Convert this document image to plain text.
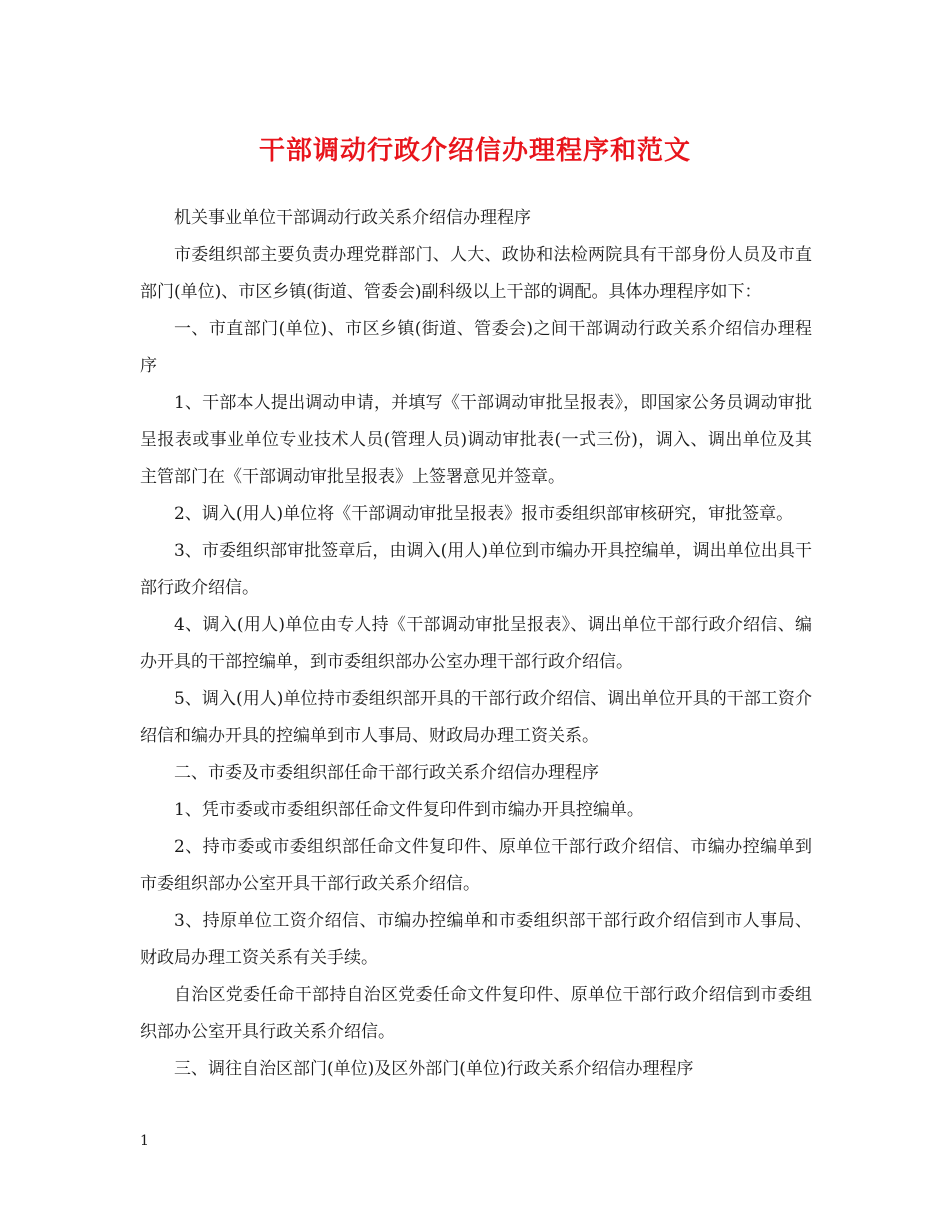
干部调动行政介绍信办理程序和范文

机关事业单位干部调动行政关系介绍信办理程序

市委组织部主要负责办理党群部门、人大、政协和法检两院具有干部身份人员及市直部门(单位)、市区乡镇(街道、管委会)副科级以上干部的调配。具体办理程序如下：

一、市直部门(单位)、市区乡镇(街道、管委会)之间干部调动行政关系介绍信办理程序

1、干部本人提出调动申请，并填写《干部调动审批呈报表》，即国家公务员调动审批呈报表或事业单位专业技术人员(管理人员)调动审批表(一式三份)，调入、调出单位及其主管部门在《干部调动审批呈报表》上签署意见并签章。

2、调入(用人)单位将《干部调动审批呈报表》报市委组织部审核研究，审批签章。

3、市委组织部审批签章后，由调入(用人)单位到市编办开具控编单，调出单位出具干部行政介绍信。

4、调入(用人)单位由专人持《干部调动审批呈报表》、调出单位干部行政介绍信、编办开具的干部控编单，到市委组织部办公室办理干部行政介绍信。

5、调入(用人)单位持市委组织部开具的干部行政介绍信、调出单位开具的干部工资介绍信和编办开具的控编单到市人事局、财政局办理工资关系。

二、市委及市委组织部任命干部行政关系介绍信办理程序

1、凭市委或市委组织部任命文件复印件到市编办开具控编单。

2、持市委或市委组织部任命文件复印件、原单位干部行政介绍信、市编办控编单到市委组织部办公室开具干部行政关系介绍信。

3、持原单位工资介绍信、市编办控编单和市委组织部干部行政介绍信到市人事局、财政局办理工资关系有关手续。

自治区党委任命干部持自治区党委任命文件复印件、原单位干部行政介绍信到市委组织部办公室开具行政关系介绍信。

三、调往自治区部门(单位)及区外部门(单位)行政关系介绍信办理程序

1
